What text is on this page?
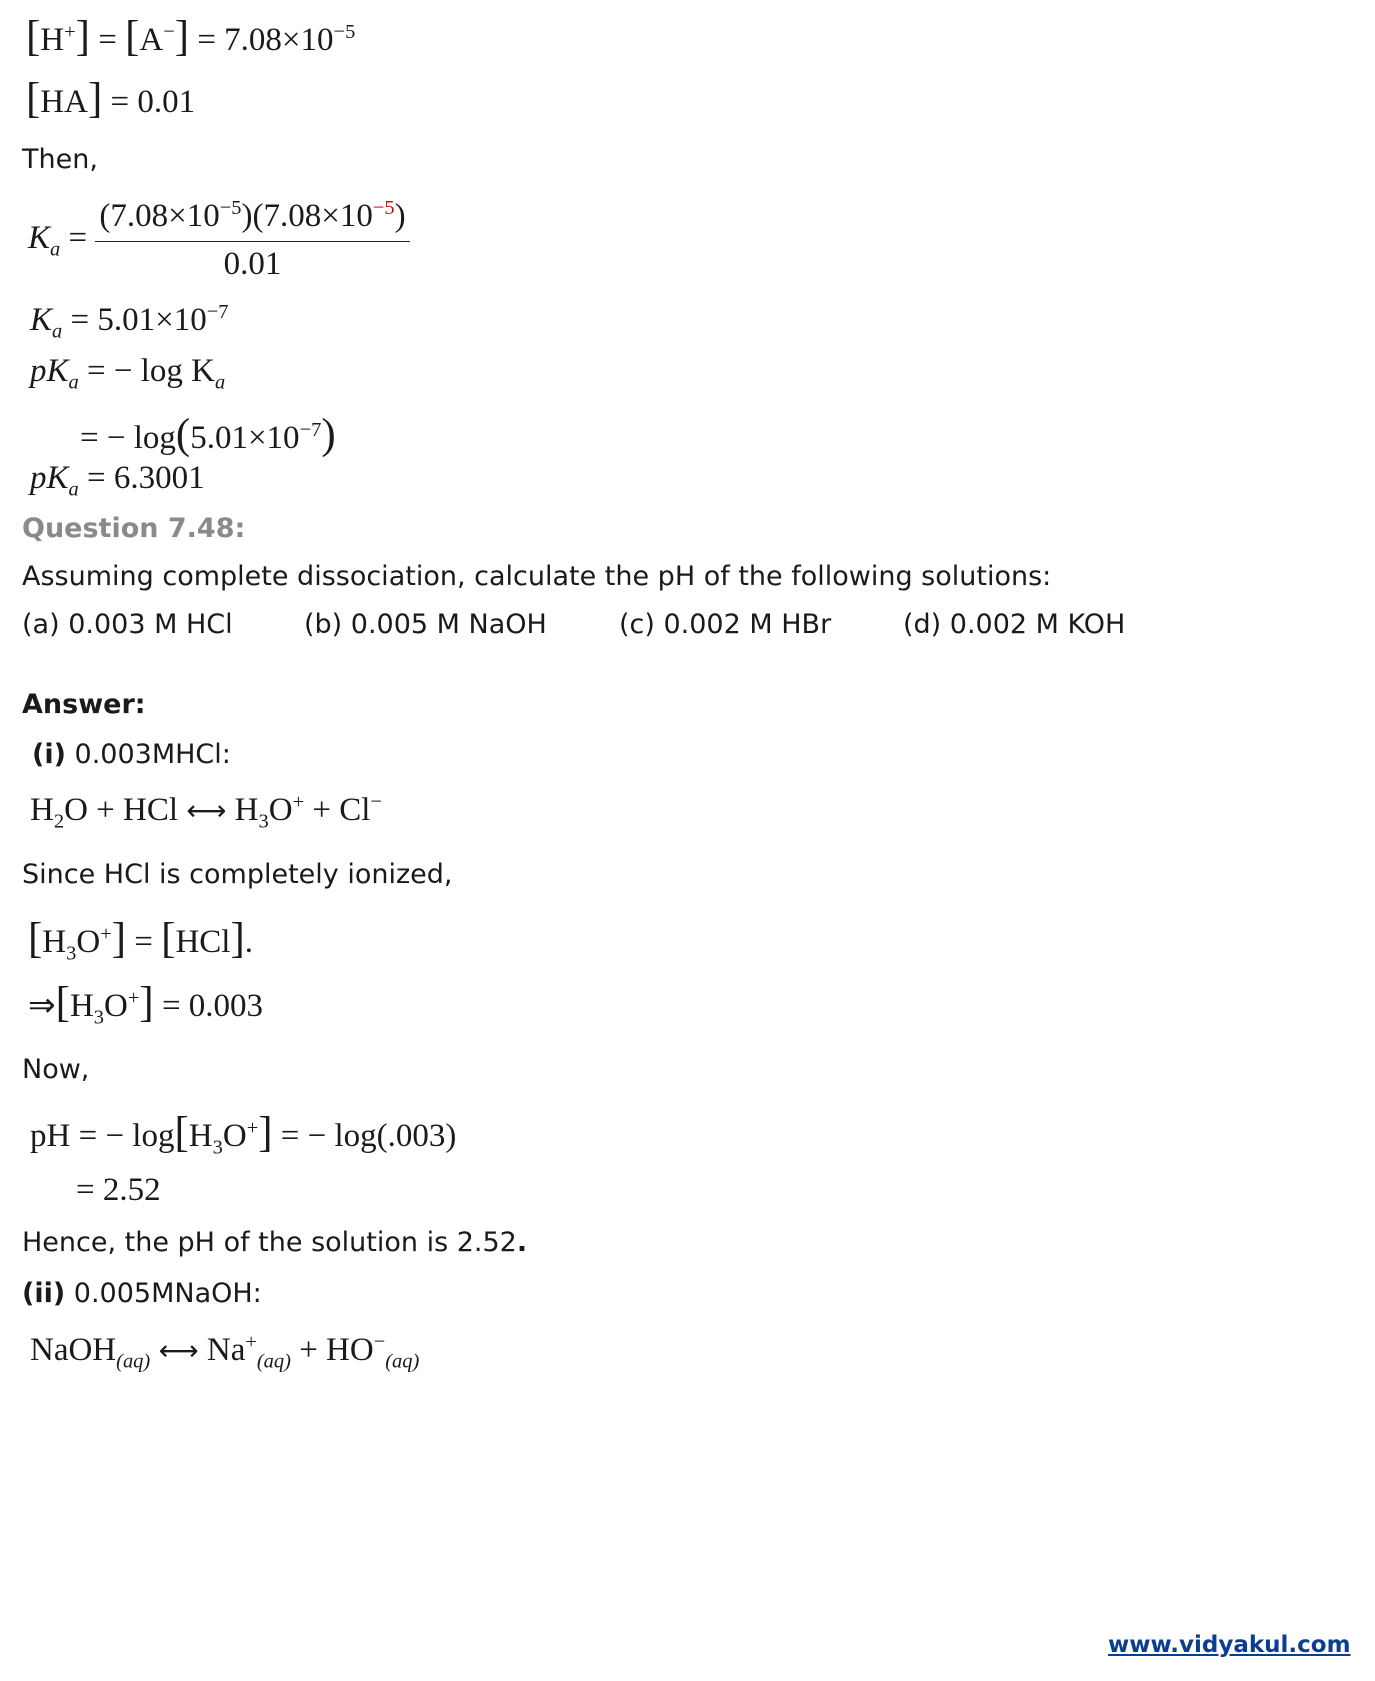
$[H^+] = [A^-] = 7.08\times 10^{-5}$
[HA] = 0.01
Then,
$K_a = \frac{(7.08\times 10^{-5})(7.08\times 10^{-5})}{0.01}$
$K_a = 5.01\times 10^{-7}$
$pK_a$ = − $\log K_a$
= − $\log(5.01\times 10^{-7})$
$pK_a = 6.3001$
Question 7.48:
Assuming complete dissociation, calculate the pH of the following solutions:
(a) 0.003 M HCl	(b) 0.005 M NaOH	(c) 0.002 M HBr	(d) 0.002 M KOH
Answer:
(i) 0.003MHCl:
$H_2O$ + HCl ⟷ $H_3O^+ + Cl^-$
Since HCl is completely ionized,
$[H_3O^+] = [HCl]$.
$\Rightarrow[H_3O^+] = 0.003$
Now,
pH = − $\log[H_3O^+]$ = − log(.003)
= 2.52
Hence, the pH of the solution is 2.52.
(ii) 0.005MNaOH:
NaOH$_{(aq)}$ ⟷ $Na^+_{(aq)} + HO^-_{(aq)}$
www.vidyakul.com
